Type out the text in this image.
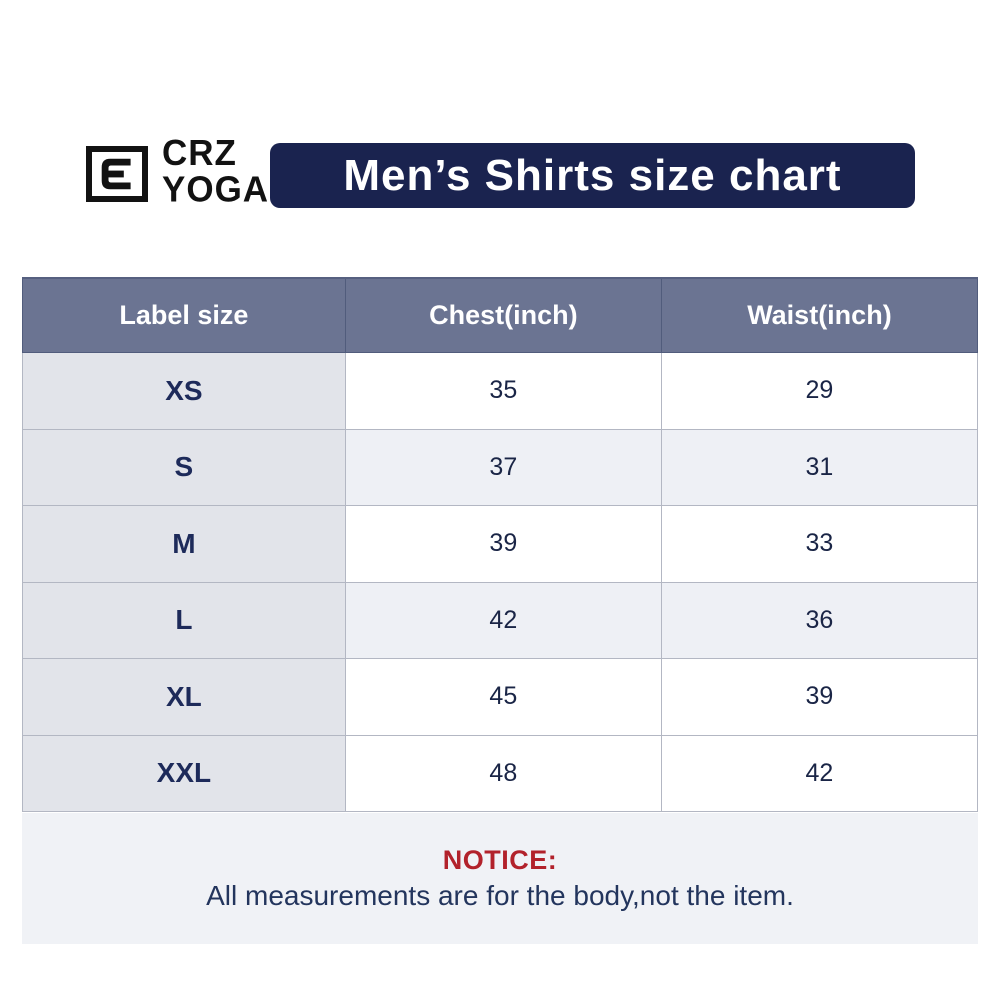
CRZ
YOGA Men’s Shirts size chart
Label size	Chest(inch)	Waist(inch)
XS	35	29
S	37	31
M	39	33
L	42	36
XL	45	39
XXL	48	42
NOTICE:
All measurements are for the body,not the item.
